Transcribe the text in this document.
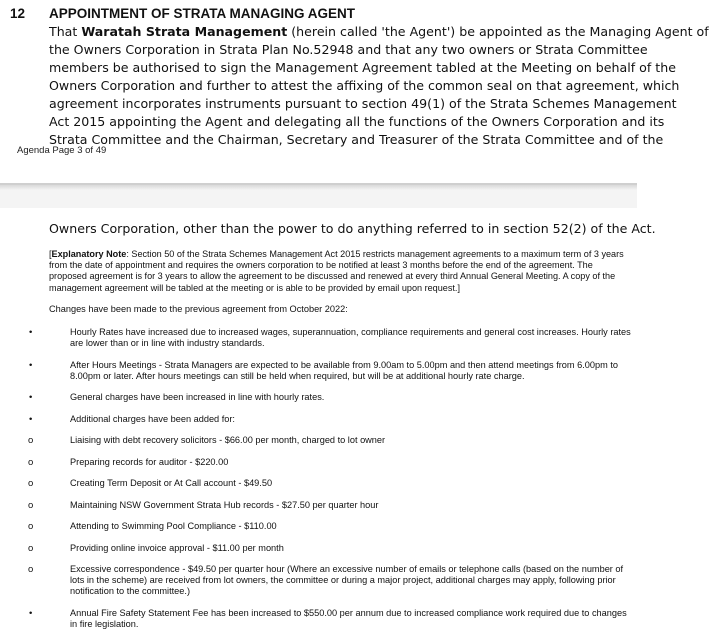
12 APPOINTMENT OF STRATA MANAGING AGENT

That Waratah Strata Management (herein called 'the Agent') be appointed as the Managing Agent of
the Owners Corporation in Strata Plan No.52948 and that any two owners or Strata Committee
members be authorised to sign the Management Agreement tabled at the Meeting on behalf of the
Owners Corporation and further to attest the affixing of the common seal on that agreement, which
agreement incorporates instruments pursuant to section 49(1) of the Strata Schemes Management
Act 2015 appointing the Agent and delegating all the functions of the Owners Corporation and its
Strata Committee and the Chairman, Secretary and Treasurer of the Strata Committee and of the

Agenda Page 3 of 49
Owners Corporation, other than the power to do anything referred to in section 52(2) of the Act.

[Explanatory Note: Section 50 of the Strata Schemes Management Act 2015 restricts management agreements to a maximum term of 3 years from the date of appointment and requires the owners corporation to be notified at least 3 months before the end of the agreement. The proposed agreement is for 3 years to allow the agreement to be discussed and renewed at every third Annual General Meeting. A copy of the management agreement will be tabled at the meeting or is able to be provided by email upon request.]

Changes have been made to the previous agreement from October 2022:
•	Hourly Rates have increased due to increased wages, superannuation, compliance requirements and general cost increases. Hourly rates are lower than or in line with industry standards.

•	After Hours Meetings - Strata Managers are expected to be available from 9.00am to 5.00pm and then attend meetings from 6.00pm to 8.00pm or later. After hours meetings can still be held when required, but will be at additional hourly rate charge.

•	General charges have been increased in line with hourly rates.

•	Additional charges have been added for:

o	Liaising with debt recovery solicitors - $66.00 per month, charged to lot owner

o	Preparing records for auditor - $220.00

o	Creating Term Deposit or At Call account - $49.50

o	Maintaining NSW Government Strata Hub records - $27.50 per quarter hour

o	Attending to Swimming Pool Compliance - $110.00

o	Providing online invoice approval - $11.00 per month

o	Excessive correspondence - $49.50 per quarter hour (Where an excessive number of emails or telephone calls (based on the number of lots in the scheme) are received from lot owners, the committee or during a major project, additional charges may apply, following prior notification to the committee.)

•	Annual Fire Safety Statement Fee has been increased to $550.00 per annum due to increased compliance work required due to changes in fire legislation.
